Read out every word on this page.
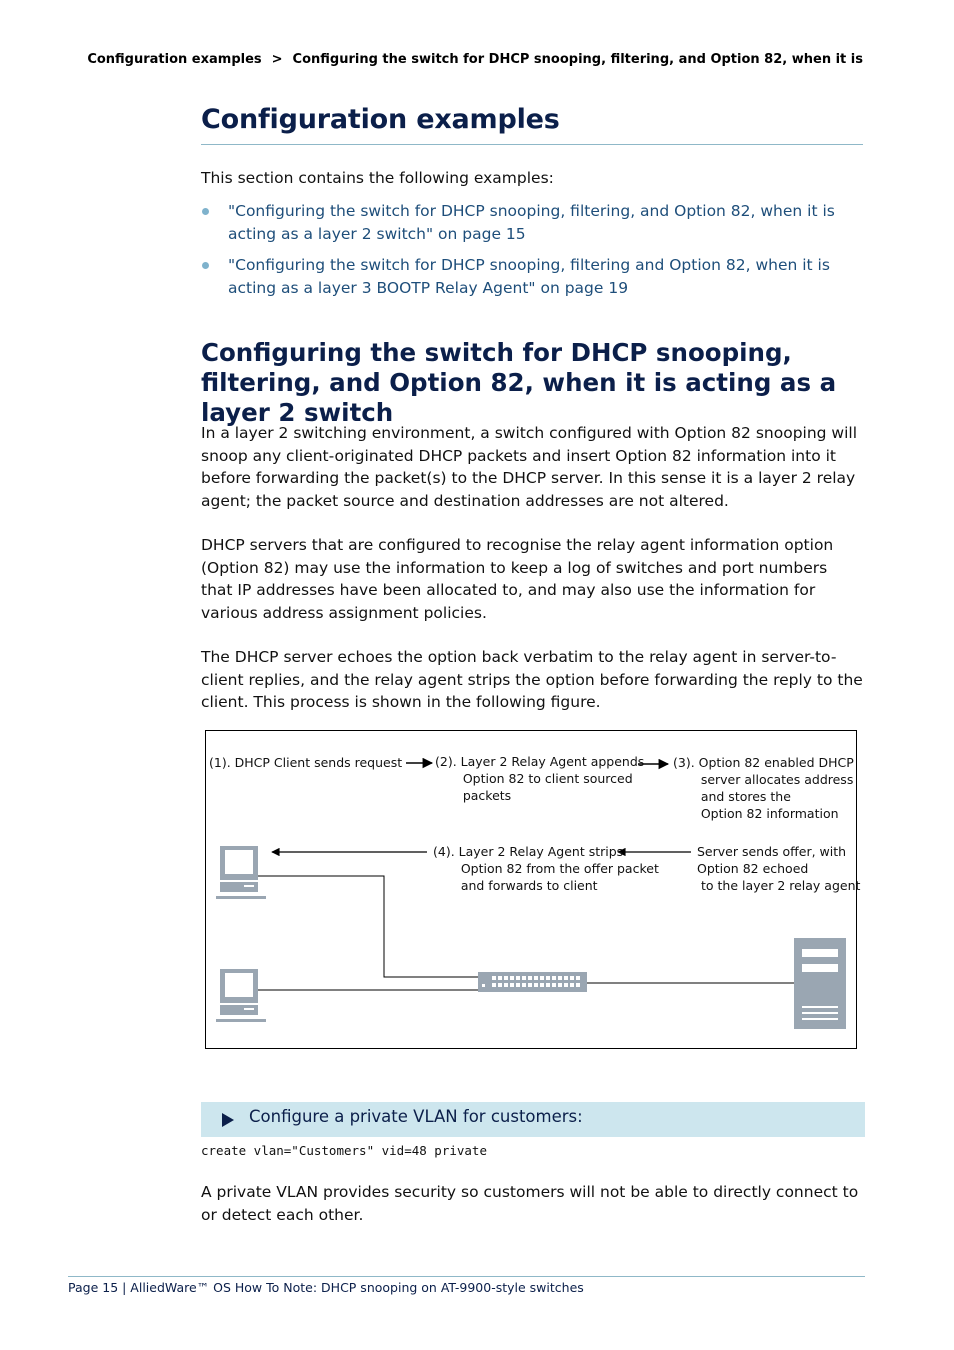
Configuration examples > Configuring the switch for DHCP snooping, filtering, and Option 82, when it is
Configuration examples

This section contains the following examples:

"Configuring the switch for DHCP snooping, filtering, and Option 82, when it is acting as a layer 2 switch" on page 15
"Configuring the switch for DHCP snooping, filtering and Option 82, when it is acting as a layer 3 BOOTP Relay Agent" on page 19
Configuring the switch for DHCP snooping, filtering, and Option 82, when it is acting as a layer 2 switch

In a layer 2 switching environment, a switch configured with Option 82 snooping will snoop any client-originated DHCP packets and insert Option 82 information into it before forwarding the packet(s) to the DHCP server. In this sense it is a layer 2 relay agent; the packet source and destination addresses are not altered.

DHCP servers that are configured to recognise the relay agent information option (Option 82) may use the information to keep a log of switches and port numbers that IP addresses have been allocated to, and may also use the information for various address assignment policies.

The DHCP server echoes the option back verbatim to the relay agent in server-to-client replies, and the relay agent strips the option before forwarding the reply to the client. This process is shown in the following figure.

(1). DHCP Client sends request	(2). Layer 2 Relay Agent appends
Option 82 to client sourced
packets
(3). Option 82 enabled DHCP
server allocates address
and stores the
Option 82 information
(4). Layer 2 Relay Agent strips
Option 82 from the offer packet
and forwards to client
Server sends offer, with
Option 82 echoed
to the layer 2 relay agent
Configure a private VLAN for customers:
create vlan="Customers" vid=48 private

A private VLAN provides security so customers will not be able to directly connect to or detect each other.

Page 15 | AlliedWare™ OS How To Note: DHCP snooping on AT-9900-style switches
